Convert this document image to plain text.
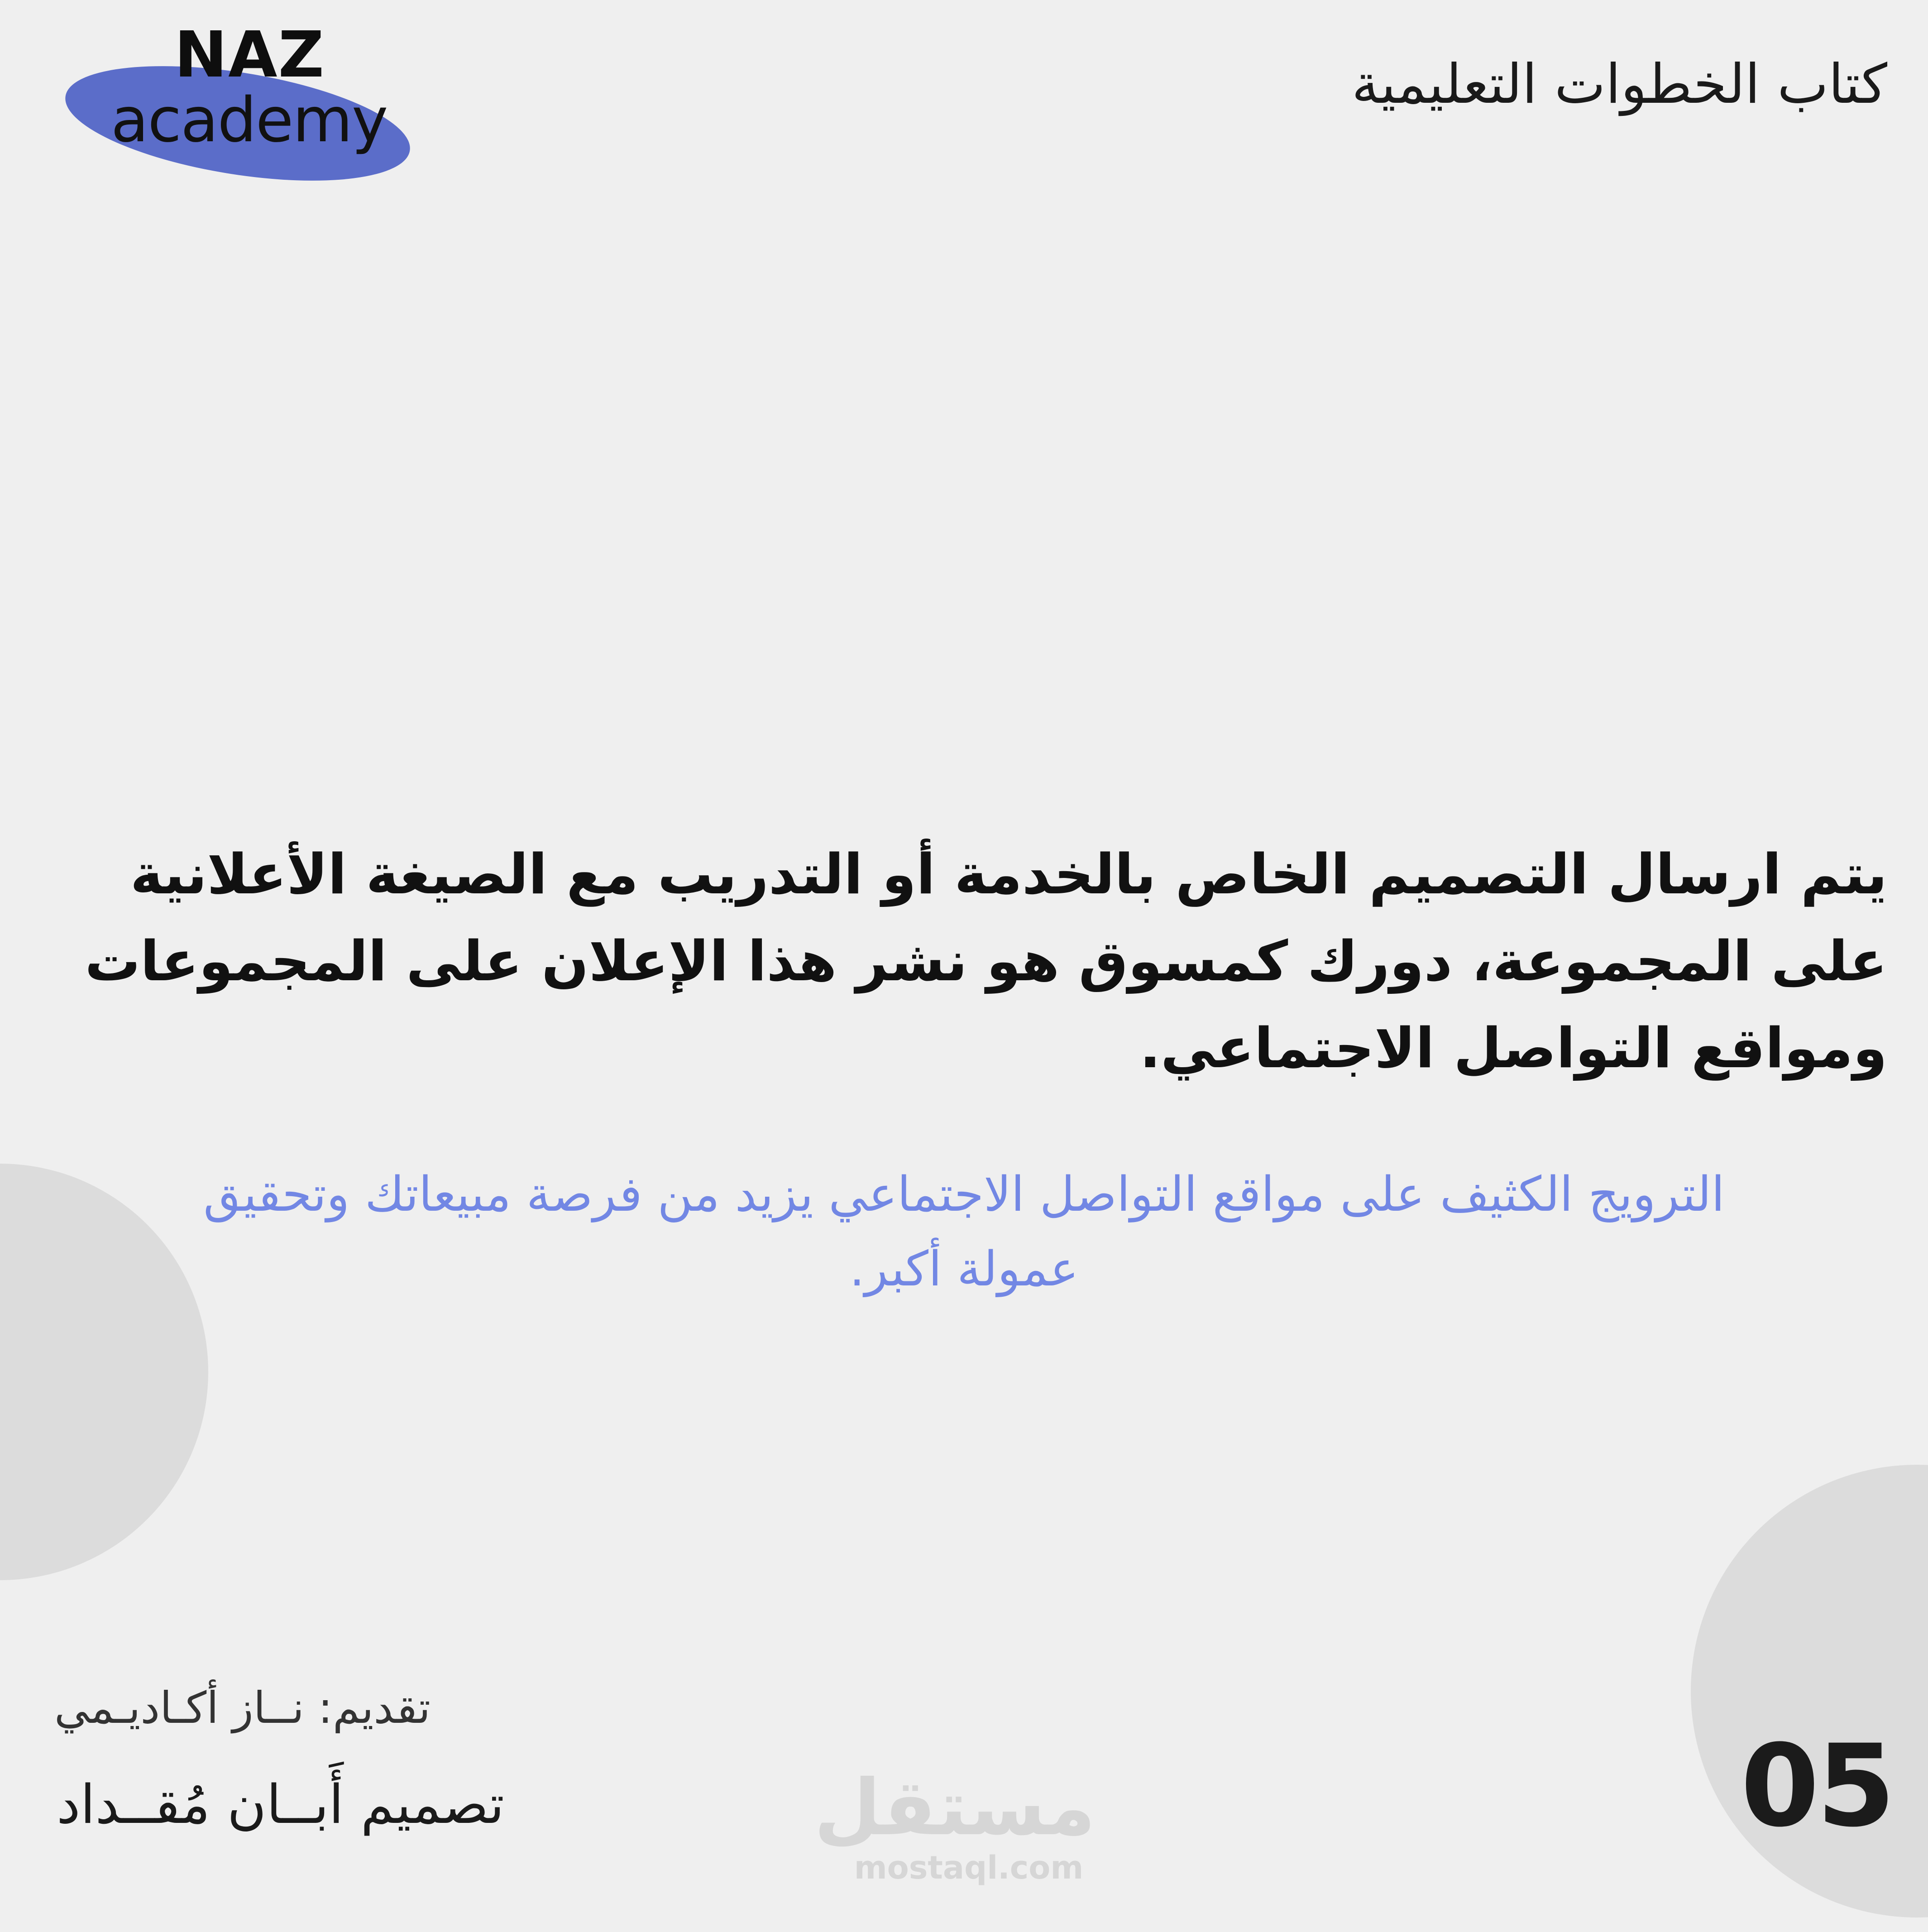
NAZ
academy
كتاب الخطوات التعليمية
يتم ارسال التصميم الخاص بالخدمة أو التدريب مع الصيغة الأعلانية على المجموعة، دورك كمسوق هو نشر هذا الإعلان على المجموعات ومواقع التواصل الاجتماعي.
الترويج الكثيف على مواقع التواصل الاجتماعي يزيد من فرصة مبيعاتك وتحقيق عمولة أكبر.
تقديم: نــاز أكـاديـمي
تصميم أَبــان مُقــداد	مستقل
mostaql.com
05
